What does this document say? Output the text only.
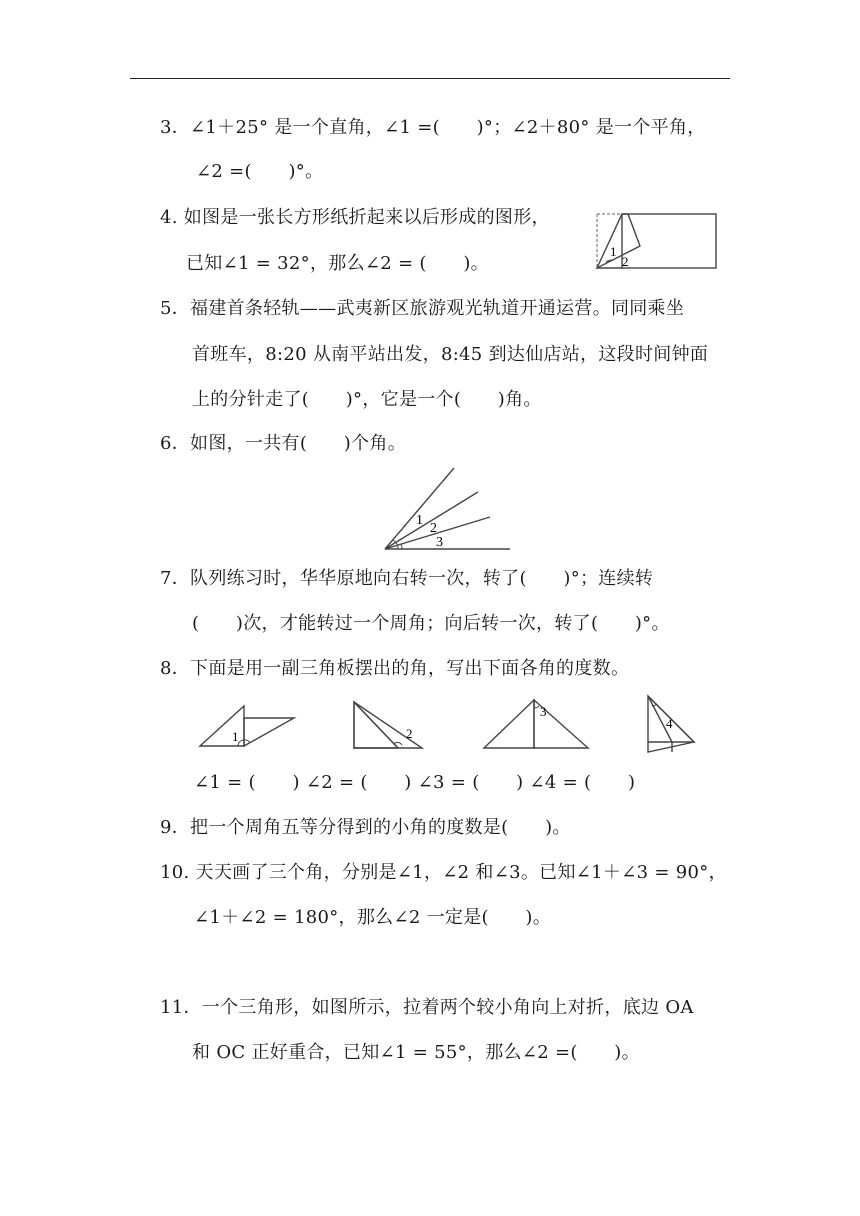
3．∠1＋25° 是一个直角，∠1 =(　　)°；∠2＋80° 是一个平角，
∠2 =(　　)°。
4. 如图是一张长方形纸折起来以后形成的图形，
已知∠1 = 32°，那么∠2 = (　　)。
1
2
5．福建首条轻轨——武夷新区旅游观光轨道开通运营。同同乘坐
首班车，8:20 从南平站出发，8:45 到达仙店站，这段时间钟面
上的分针走了(　　)°，它是一个(　　)角。
6．如图，一共有(　　)个角。
1
2
3
7．队列练习时，华华原地向右转一次，转了(　　)°；连续转
(　　)次，才能转过一个周角；向后转一次，转了(　　)°。
8．下面是用一副三角板摆出的角，写出下面各角的度数。
1	2
3
4
∠1 = (　　) ∠2 = (　　) ∠3 = (　　) ∠4 = (　　)
9．把一个周角五等分得到的小角的度数是(　　)。
10. 天天画了三个角，分别是∠1，∠2 和∠3。已知∠1＋∠3 = 90°，
∠1＋∠2 = 180°，那么∠2 一定是(　　)。
11．一个三角形，如图所示，拉着两个较小角向上对折，底边 OA
和 OC 正好重合，已知∠1 = 55°，那么∠2 =(　　)。
